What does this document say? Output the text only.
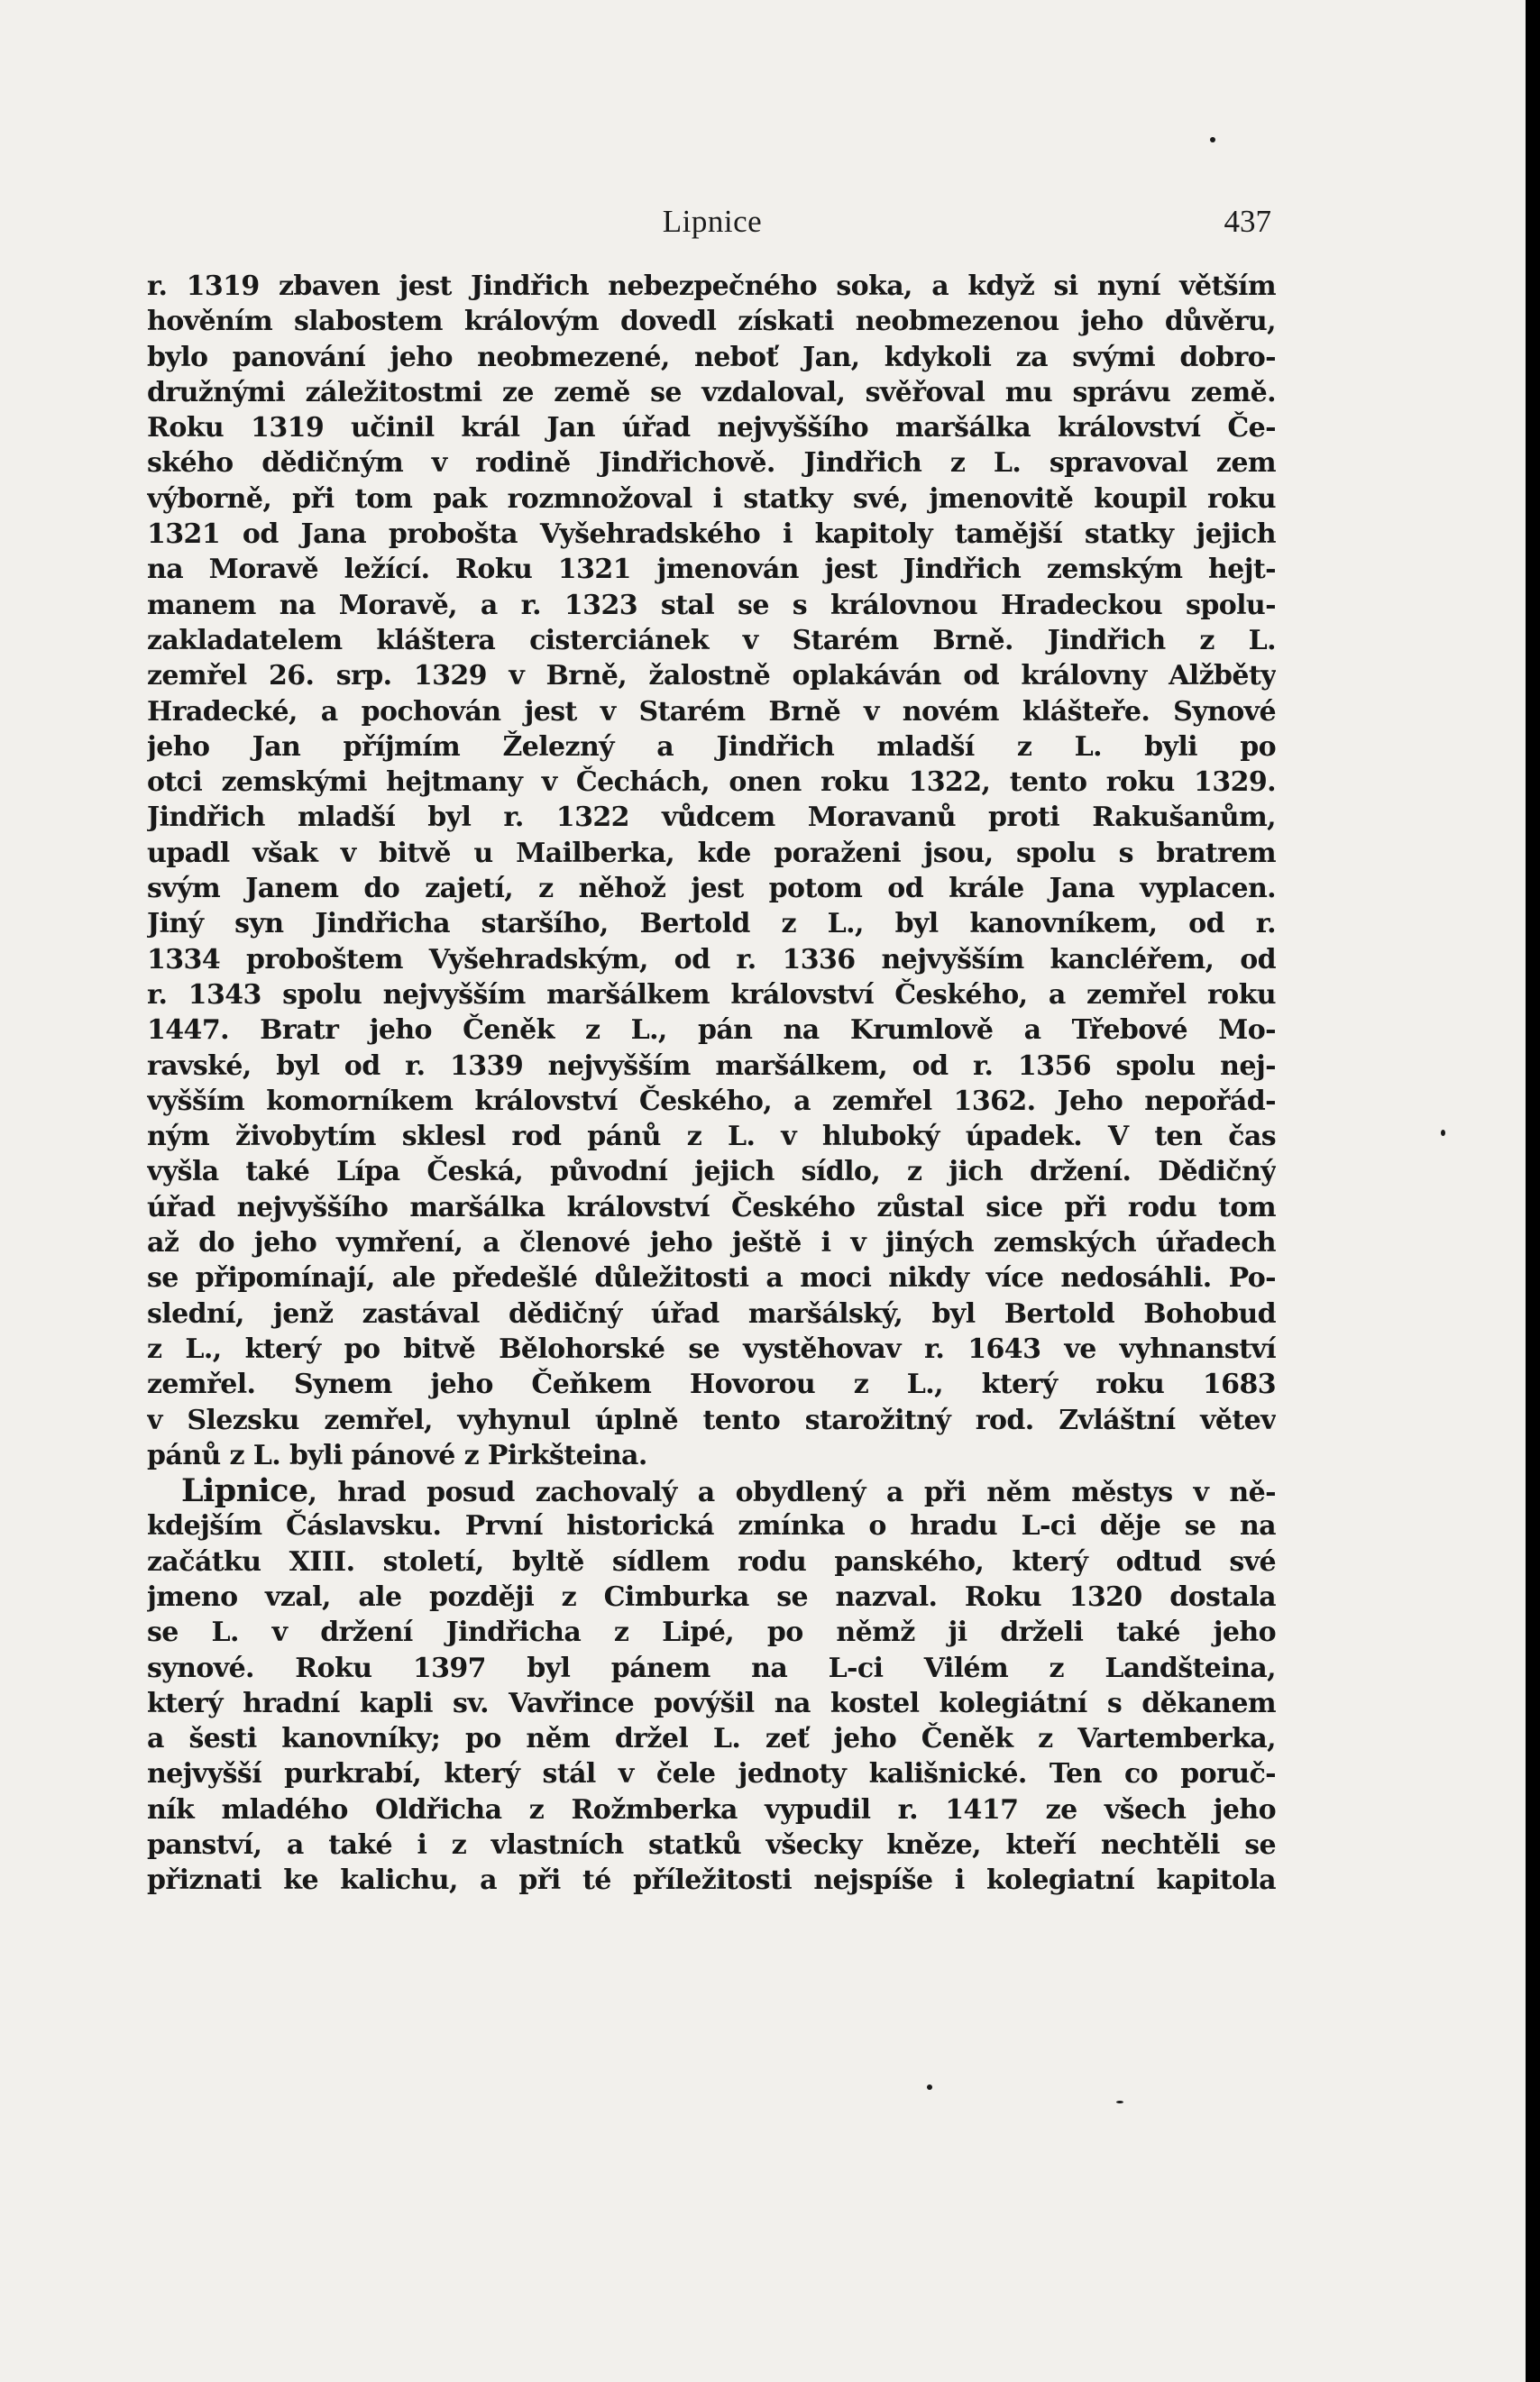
Lipnice	437
r. 1319 zbaven jest Jindřich nebezpečného soka, a když si nyní větším
hověním slabostem královým dovedl získati neobmezenou jeho důvěru,
bylo panování jeho neobmezené, neboť Jan, kdykoli za svými dobro-
družnými záležitostmi ze země se vzdaloval, svěřoval mu správu země.
Roku 1319 učinil král Jan úřad nejvyššího maršálka království Če-
ského dědičným v rodině Jindřichově. Jindřich z L. spravoval zem
výborně, při tom pak rozmnožoval i statky své, jmenovitě koupil roku
1321 od Jana probošta Vyšehradského i kapitoly tamější statky jejich
na Moravě ležící. Roku 1321 jmenován jest Jindřich zemským hejt-
manem na Moravě, a r. 1323 stal se s královnou Hradeckou spolu-
zakladatelem kláštera cisterciánek v Starém Brně. Jindřich z L.
zemřel 26. srp. 1329 v Brně, žalostně oplakáván od královny Alžběty
Hradecké, a pochován jest v Starém Brně v novém klášteře. Synové
jeho Jan příjmím Železný a Jindřich mladší z L. byli po
otci zemskými hejtmany v Čechách, onen roku 1322, tento roku 1329.
Jindřich mladší byl r. 1322 vůdcem Moravanů proti Rakušanům,
upadl však v bitvě u Mailberka, kde poraženi jsou, spolu s bratrem
svým Janem do zajetí, z něhož jest potom od krále Jana vyplacen.
Jiný syn Jindřicha staršího, Bertold z L., byl kanovníkem, od r.
1334 proboštem Vyšehradským, od r. 1336 nejvyšším kancléřem, od
r. 1343 spolu nejvyšším maršálkem království Českého, a zemřel roku
1447. Bratr jeho Čeněk z L., pán na Krumlově a Třebové Mo-
ravské, byl od r. 1339 nejvyšším maršálkem, od r. 1356 spolu nej-
vyšším komorníkem království Českého, a zemřel 1362. Jeho nepořád-
ným živobytím sklesl rod pánů z L. v hluboký úpadek. V ten čas
vyšla také Lípa Česká, původní jejich sídlo, z jich držení. Dědičný
úřad nejvyššího maršálka království Českého zůstal sice při rodu tom
až do jeho vymření, a členové jeho ještě i v jiných zemských úřadech
se připomínají, ale předešlé důležitosti a moci nikdy více nedosáhli. Po-
slední, jenž zastával dědičný úřad maršálský, byl Bertold Bohobud
z L., který po bitvě Bělohorské se vystěhovav r. 1643 ve vyhnanství
zemřel. Synem jeho Čeňkem Hovorou z L., který roku 1683
v Slezsku zemřel, vyhynul úplně tento starožitný rod. Zvláštní větev
pánů z L. byli pánové z Pirkšteina.
Lipnice, hrad posud zachovalý a obydlený a při něm městys v ně-
kdejším Čáslavsku. První historická zmínka o hradu L-ci děje se na
začátku XIII. století, byltě sídlem rodu panského, který odtud své
jmeno vzal, ale později z Cimburka se nazval. Roku 1320 dostala
se L. v držení Jindřicha z Lipé, po němž ji drželi také jeho
synové. Roku 1397 byl pánem na L-ci Vilém z Landšteina,
který hradní kapli sv. Vavřince povýšil na kostel kolegiátní s děkanem
a šesti kanovníky; po něm držel L. zeť jeho Čeněk z Vartemberka,
nejvyšší purkrabí, který stál v čele jednoty kališnické. Ten co poruč-
ník mladého Oldřicha z Rožmberka vypudil r. 1417 ze všech jeho
panství, a také i z vlastních statků všecky kněze, kteří nechtěli se
přiznati ke kalichu, a při té příležitosti nejspíše i kolegiatní kapitola
